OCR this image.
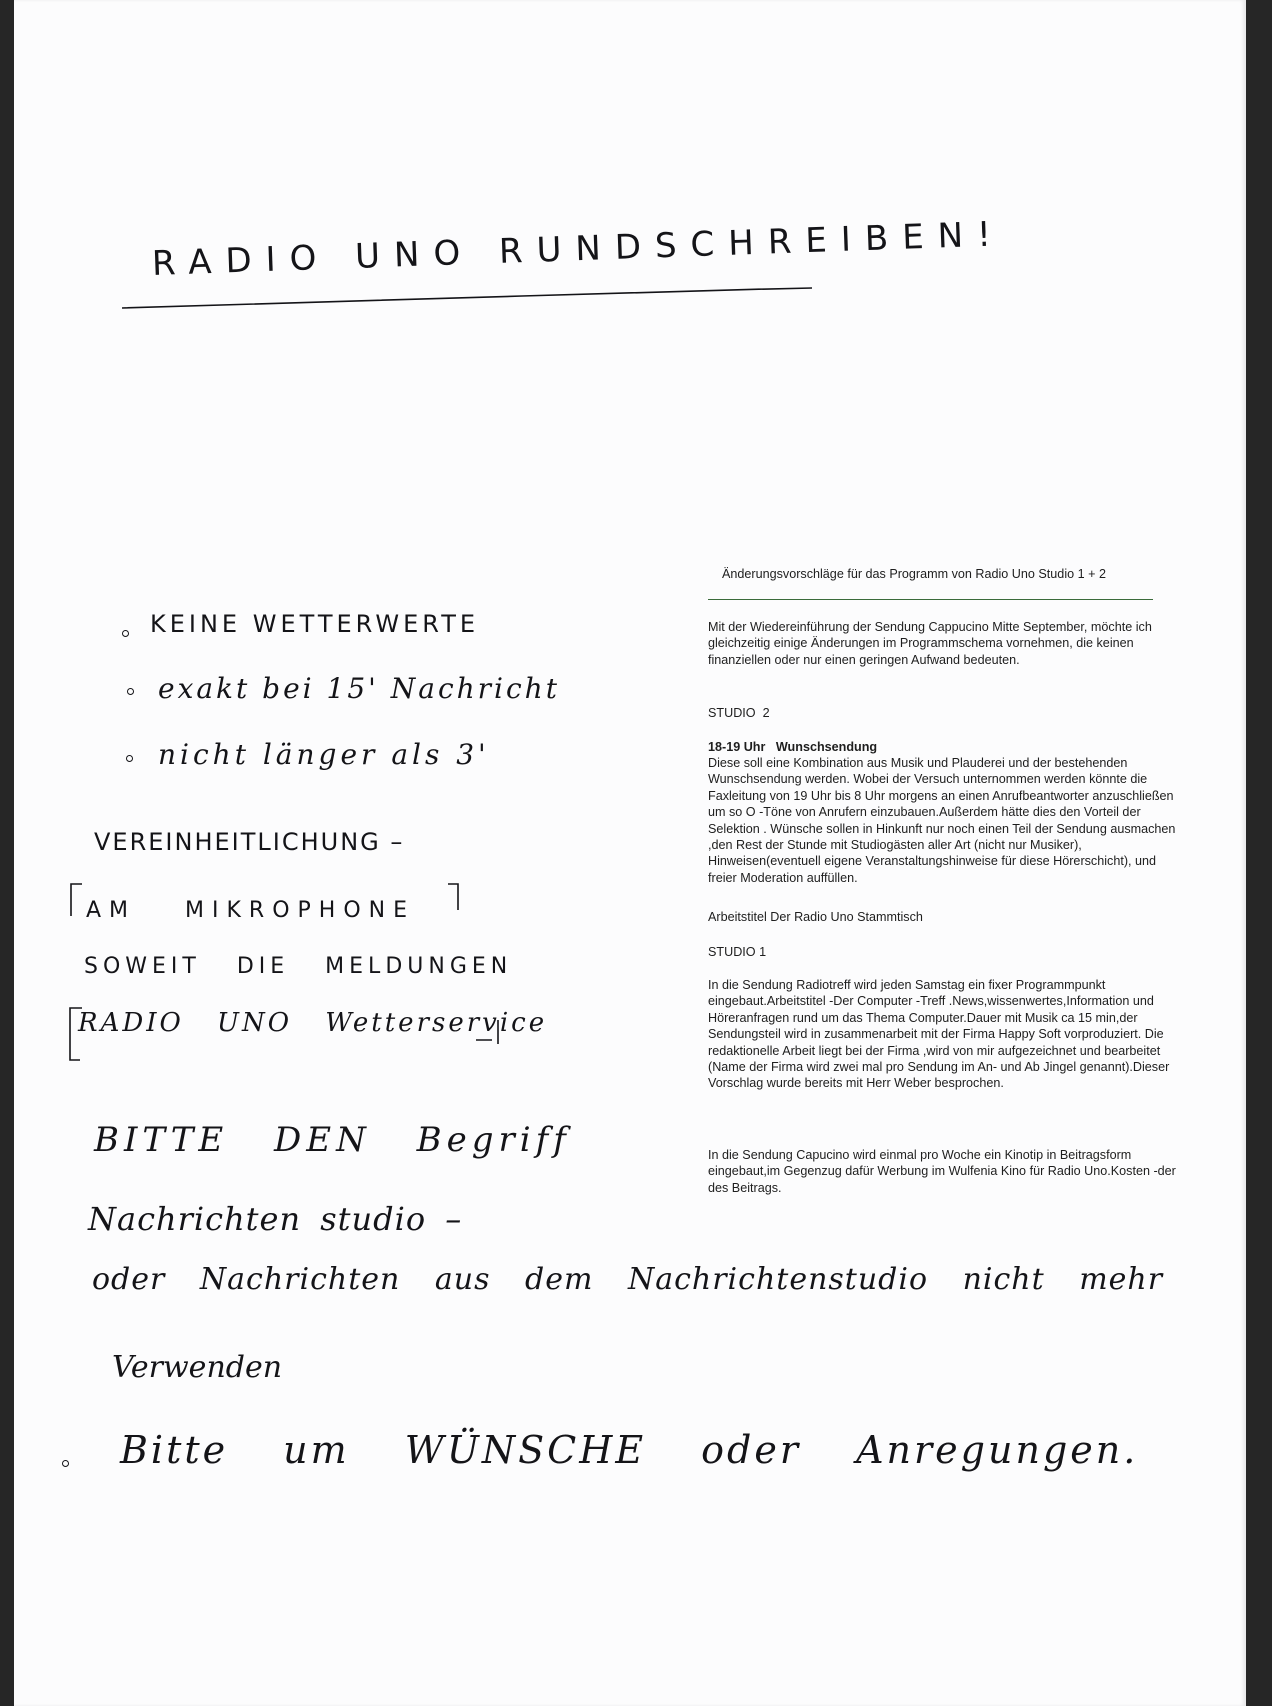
RADIO UNO RUNDSCHREIBEN!
KEINE WETTERWERTE
exakt bei 15' Nachricht
nicht länger als 3'
VEREINHEITLICHUNG –
AM MIKROPHONE
SOWEIT DIE MELDUNGEN
RADIO UNO Wetterservice
BITTE DEN Begriff
Nachrichten studio –
oder Nachrichten aus dem Nachrichtenstudio nicht mehr
Verwenden
Bitte um WÜNSCHE oder Anregungen.
Änderungsvorschläge für das Programm von Radio Uno Studio 1 + 2
Mit der Wiedereinführung der Sendung Cappucino Mitte September, möchte ich gleichzeitig einige Änderungen im Programmschema vornehmen, die keinen finanziellen oder nur einen geringen Aufwand bedeuten.
STUDIO  2
18-19 Uhr   Wunschsendung
Diese soll eine Kombination aus Musik und Plauderei und der bestehenden Wunschsendung werden. Wobei der Versuch unternommen werden könnte die Faxleitung von 19 Uhr bis 8 Uhr morgens an einen Anrufbeantworter anzuschließen um so O -Töne von Anrufern einzubauen.Außerdem hätte dies den Vorteil der Selektion . Wünsche sollen in Hinkunft nur noch einen Teil der Sendung ausmachen ,den Rest der Stunde mit Studiogästen aller Art (nicht nur Musiker), Hinweisen(eventuell eigene Veranstaltungshinweise für diese Hörerschicht), und freier Moderation auffüllen.
Arbeitstitel Der Radio Uno Stammtisch
STUDIO 1
In die Sendung Radiotreff wird jeden Samstag ein fixer Programmpunkt eingebaut.Arbeitstitel -Der Computer -Treff .News,wissenwertes,Information und Höreranfragen rund um das Thema Computer.Dauer mit Musik ca 15 min,der Sendungsteil wird in zusammenarbeit mit der Firma Happy Soft vorproduziert. Die redaktionelle Arbeit liegt bei der Firma ,wird von mir aufgezeichnet und bearbeitet (Name der Firma wird zwei mal pro Sendung im An- und Ab Jingel genannt).Dieser Vorschlag wurde bereits mit Herr Weber besprochen.
In die Sendung Capucino wird einmal pro Woche ein Kinotip in Beitragsform eingebaut,im Gegenzug dafür Werbung im Wulfenia Kino für Radio Uno.Kosten -der des Beitrags.
